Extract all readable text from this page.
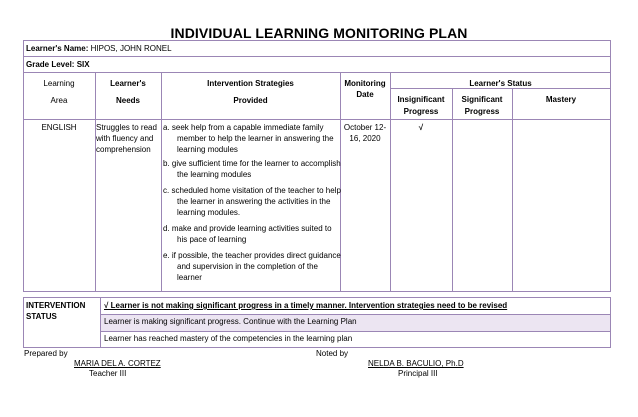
INDIVIDUAL LEARNING MONITORING PLAN
Learner's Name: HIPOS, JOHN RONEL
Grade Level: SIX
Learning
Area
Learner's
Needs
Intervention Strategies
Provided
Monitoring
Date
Learner's Status
Insignificant
Progress
Significant
Progress
Mastery
ENGLISH	Struggles to read
with fluency and
comprehension
a. seek help from a capable immediate family
member to help the learner in answering the
learning modules
b. give sufficient time for the learner to accomplish
the learning modules
c. scheduled home visitation of the teacher to help
the learner in answering the activities in the
learning modules.
d. make and provide learning activities suited to
his pace of learning
e. if possible, the teacher provides direct guidance
and supervision in the completion of the
learner
October 12-
16, 2020
√
INTERVENTION
STATUS
√ Learner is not making significant progress in a timely manner. Intervention strategies need to be revised
Learner is making significant progress. Continue with the Learning Plan
Learner has reached mastery of the competencies in the learning plan
Prepared by	Noted by
MARIA DEL A. CORTEZ
Teacher III
NELDA B. BACULIO, Ph.D
Principal III
